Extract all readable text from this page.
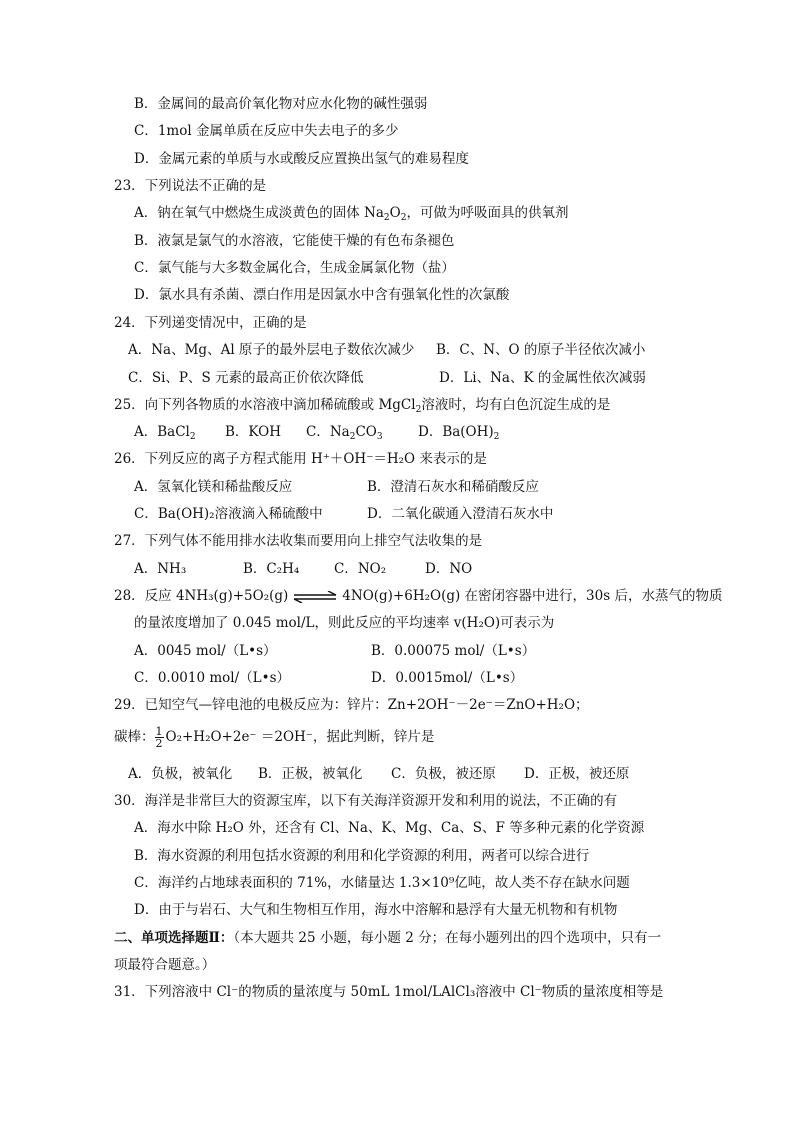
B．金属间的最高价氧化物对应水化物的碱性强弱
C．1mol 金属单质在反应中失去电子的多少
D．金属元素的单质与水或酸反应置换出氢气的难易程度
23．下列说法不正确的是
A．钠在氧气中燃烧生成淡黄色的固体 $Na_2O_2$，可做为呼吸面具的供氧剂
B．液氯是氯气的水溶液，它能使干燥的有色布条褪色
C．氯气能与大多数金属化合，生成金属氯化物（盐）
D．氯水具有杀菌、漂白作用是因氯水中含有强氧化性的次氯酸
24．下列递变情况中，正确的是
A．Na、Mg、Al 原子的最外层电子数依次减少 B．C、N、O 的原子半径依次减小
C．Si、P、S 元素的最高正价依次降低	D．Li、Na、K 的金属性依次减弱
25．向下列各物质的水溶液中滴加稀硫酸或 MgCl$_2$溶液时，均有白色沉淀生成的是
A．BaCl$_2$ B．KOH C．$Na_2CO_3$	D．$Ba(OH)_2$
26．下列反应的离子方程式能用 H⁺＋OH⁻＝H₂O 来表示的是
A．氢氧化镁和稀盐酸反应	B．澄清石灰水和稀硝酸反应
C．Ba(OH)₂溶液滴入稀硫酸中	D．二氧化碳通入澄清石灰水中
27．下列气体不能用排水法收集而要用向上排空气法收集的是
A．NH₃	B．C₂H₄	C．NO₂	D．NO
28．反应 4NH₃(g)+5O₂(g) ⇌ 4NO(g)+6H₂O(g) 在密闭容器中进行，30s 后，水蒸气的物质
的量浓度增加了 0.045 mol/L，则此反应的平均速率 v(H₂O)可表示为
A．0045 mol/（L•s）	B．0.00075 mol/（L•s）
C．0.0010 mol/（L•s）	D．0.0015mol/（L•s）
29．已知空气—锌电池的电极反应为：锌片：Zn+2OH⁻－2e⁻＝ZnO+H₂O；
碳棒： $\frac{1}{2} O_2+H_2O+2e^- =2OH^-$，据此判断，锌片是
A．负极，被氧化 B．正极，被氧化 C．负极，被还原 D．正极，被还原
30．海洋是非常巨大的资源宝库，以下有关海洋资源开发和利用的说法，不正确的有
A．海水中除 H₂O 外，还含有 Cl、Na、K、Mg、Ca、S、F 等多种元素的化学资源
B．海水资源的利用包括水资源的利用和化学资源的利用，两者可以综合进行
C．海洋约占地球表面积的 71%，水储量达 1.3×10⁹亿吨，故人类不存在缺水问题
D．由于与岩石、大气和生物相互作用，海水中溶解和悬浮有大量无机物和有机物
二、单项选择题Ⅱ：（本大题共 25 小题，每小题 2 分；在每小题列出的四个选项中，只有一
项最符合题意。）
31．下列溶液中 Cl⁻的物质的量浓度与 50mL 1mol/LAlCl₃溶液中 Cl⁻物质的量浓度相等是
